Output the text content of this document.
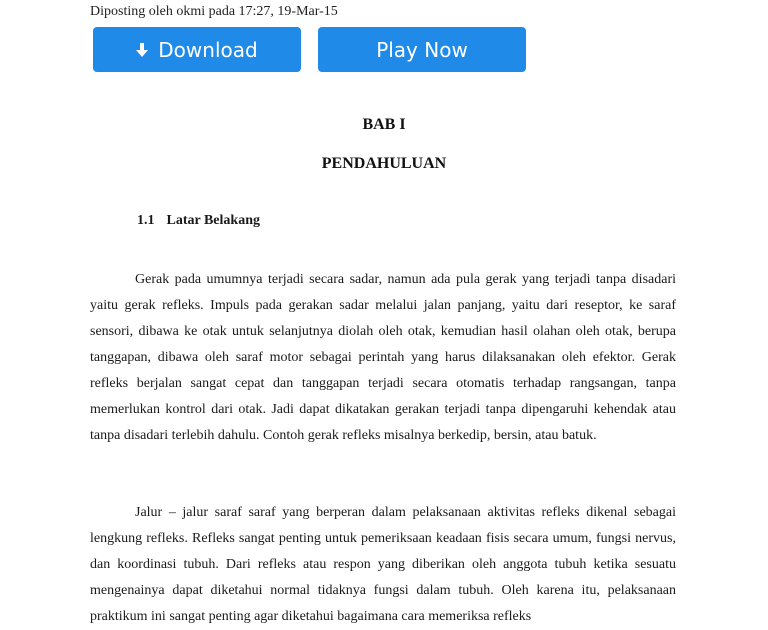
Diposting oleh okmi pada 17:27, 19-Mar-15
Download	Play Now
BAB I
PENDAHULUAN
1.1 Latar Belakang

Gerak pada umumnya terjadi secara sadar, namun ada pula gerak yang terjadi tanpa disadari yaitu gerak refleks. Impuls pada gerakan sadar melalui jalan panjang, yaitu dari reseptor, ke saraf sensori, dibawa ke otak untuk selanjutnya diolah oleh otak, kemudian hasil olahan oleh otak, berupa tanggapan, dibawa oleh saraf motor sebagai perintah yang harus dilaksanakan oleh efektor. Gerak refleks berjalan sangat cepat dan tanggapan terjadi secara otomatis terhadap rangsangan, tanpa memerlukan kontrol dari otak. Jadi dapat dikatakan gerakan terjadi tanpa dipengaruhi kehendak atau tanpa disadari terlebih dahulu. Contoh gerak refleks misalnya berkedip, bersin, atau batuk.

Jalur – jalur saraf saraf yang berperan dalam pelaksanaan aktivitas refleks dikenal sebagai lengkung refleks. Refleks sangat penting untuk pemeriksaan keadaan fisis secara umum, fungsi nervus, dan koordinasi tubuh. Dari refleks atau respon yang diberikan oleh anggota tubuh ketika sesuatu mengenainya dapat diketahui normal tidaknya fungsi dalam tubuh. Oleh karena itu, pelaksanaan praktikum ini sangat penting agar diketahui bagaimana cara memeriksa refleks
